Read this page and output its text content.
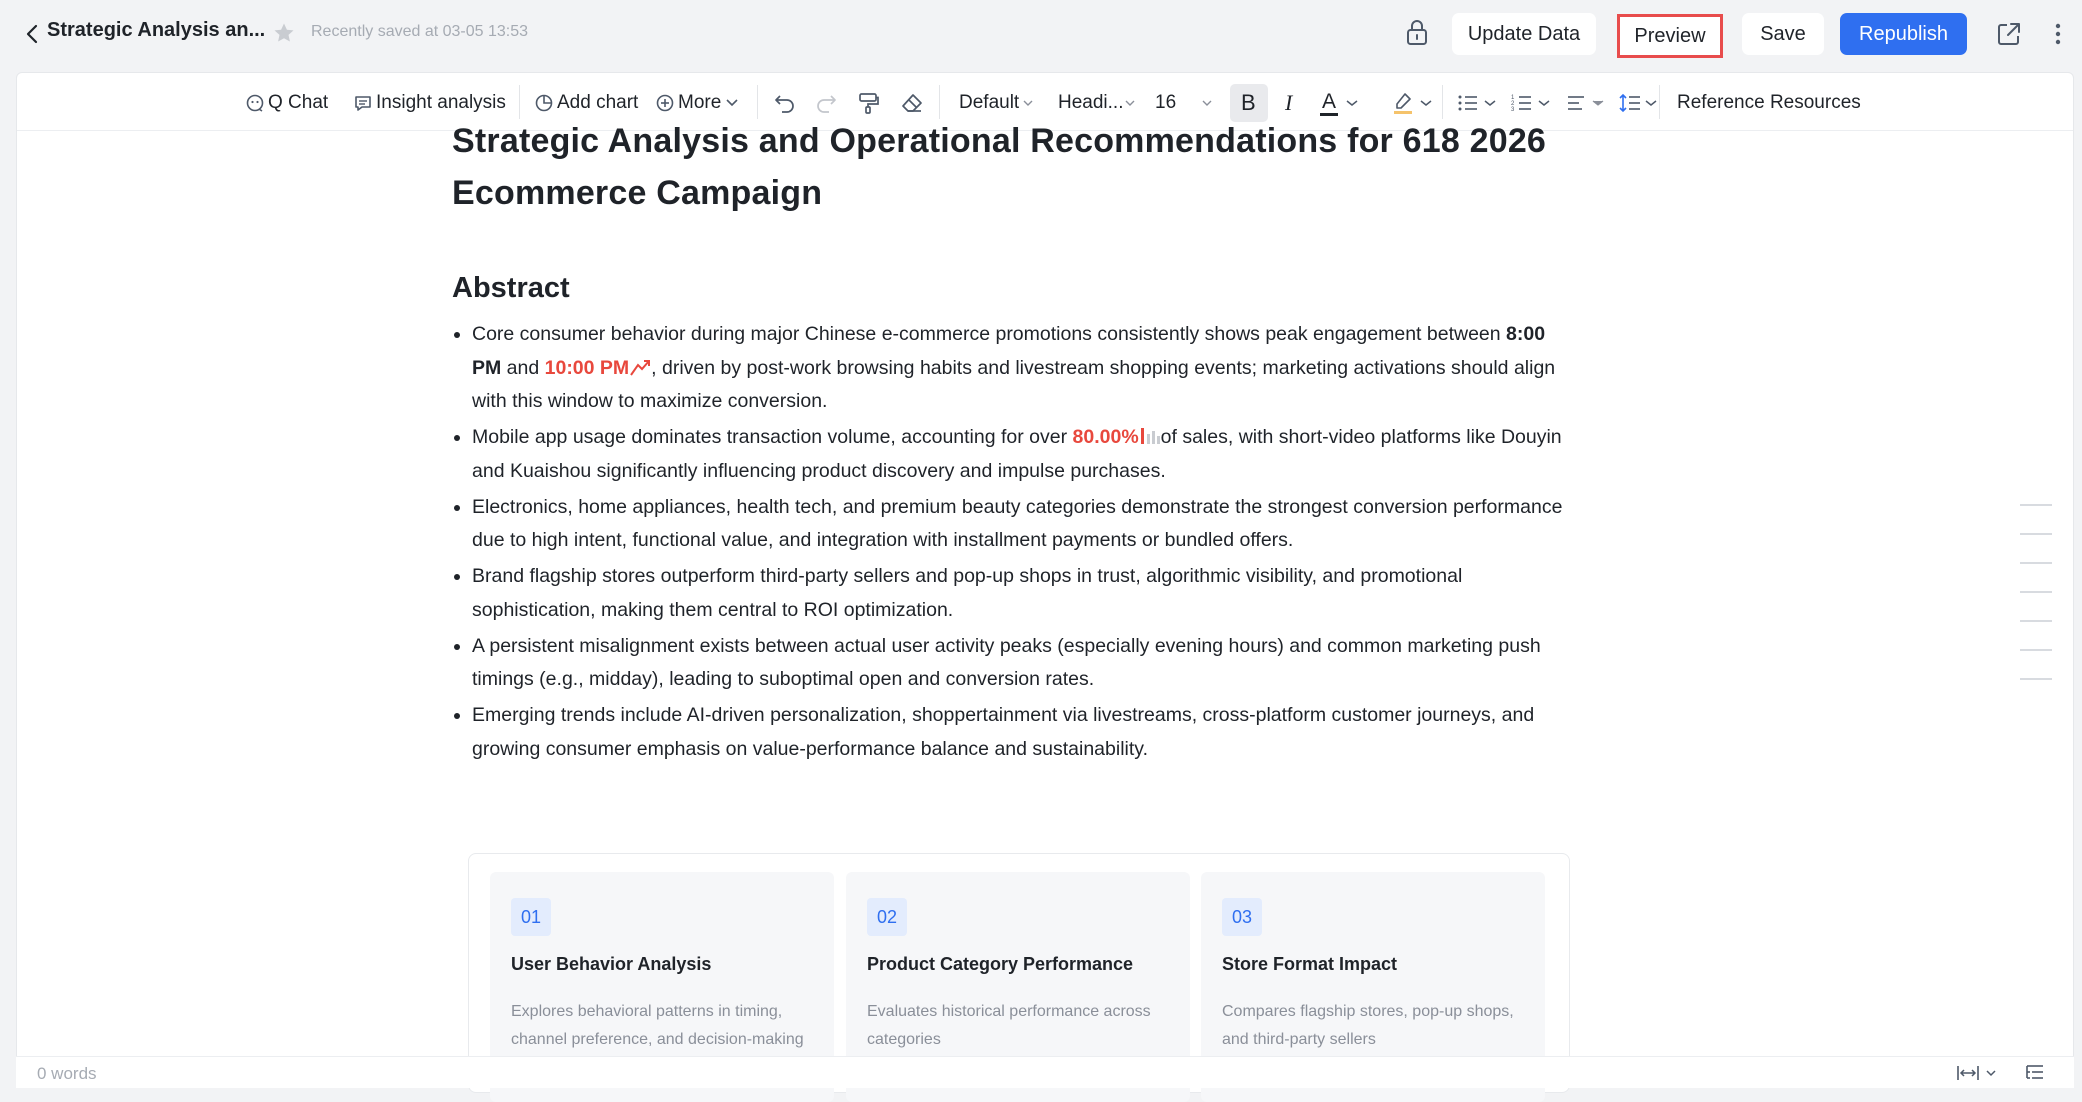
Strategic Analysis an...	Recently saved at 03-05 13:53	Update Data	Preview	Save	Republish
Q Chat	Insight analysis	Add chart More	Default Headi... 16	B I A	1
2
3	Reference Resources
Strategic Analysis and Operational Recommendations for 618 2026 Ecommerce Campaign
Abstract
Core consumer behavior during major Chinese e-commerce promotions consistently shows peak engagement between 8:00 PM and 10:00 PM , driven by post-work browsing habits and livestream shopping events; marketing activations should align with this window to maximize conversion.
Mobile app usage dominates transaction volume, accounting for over 80.00% of sales, with short-video platforms like Douyin and Kuaishou significantly influencing product discovery and impulse purchases.
Electronics, home appliances, health tech, and premium beauty categories demonstrate the strongest conversion performance due to high intent, functional value, and integration with installment payments or bundled offers.
Brand flagship stores outperform third-party sellers and pop-up shops in trust, algorithmic visibility, and promotional sophistication, making them central to ROI optimization.
A persistent misalignment exists between actual user activity peaks (especially evening hours) and common marketing push timings (e.g., midday), leading to suboptimal open and conversion rates.
Emerging trends include AI-driven personalization, shoppertainment via livestreams, cross-platform customer journeys, and growing consumer emphasis on value-performance balance and sustainability.
01
User Behavior Analysis
Explores behavioral patterns in timing, channel preference, and decision-making
02
Product Category Performance
Evaluates historical performance across categories
03
Store Format Impact
Compares flagship stores, pop-up shops, and third-party sellers
0 words
